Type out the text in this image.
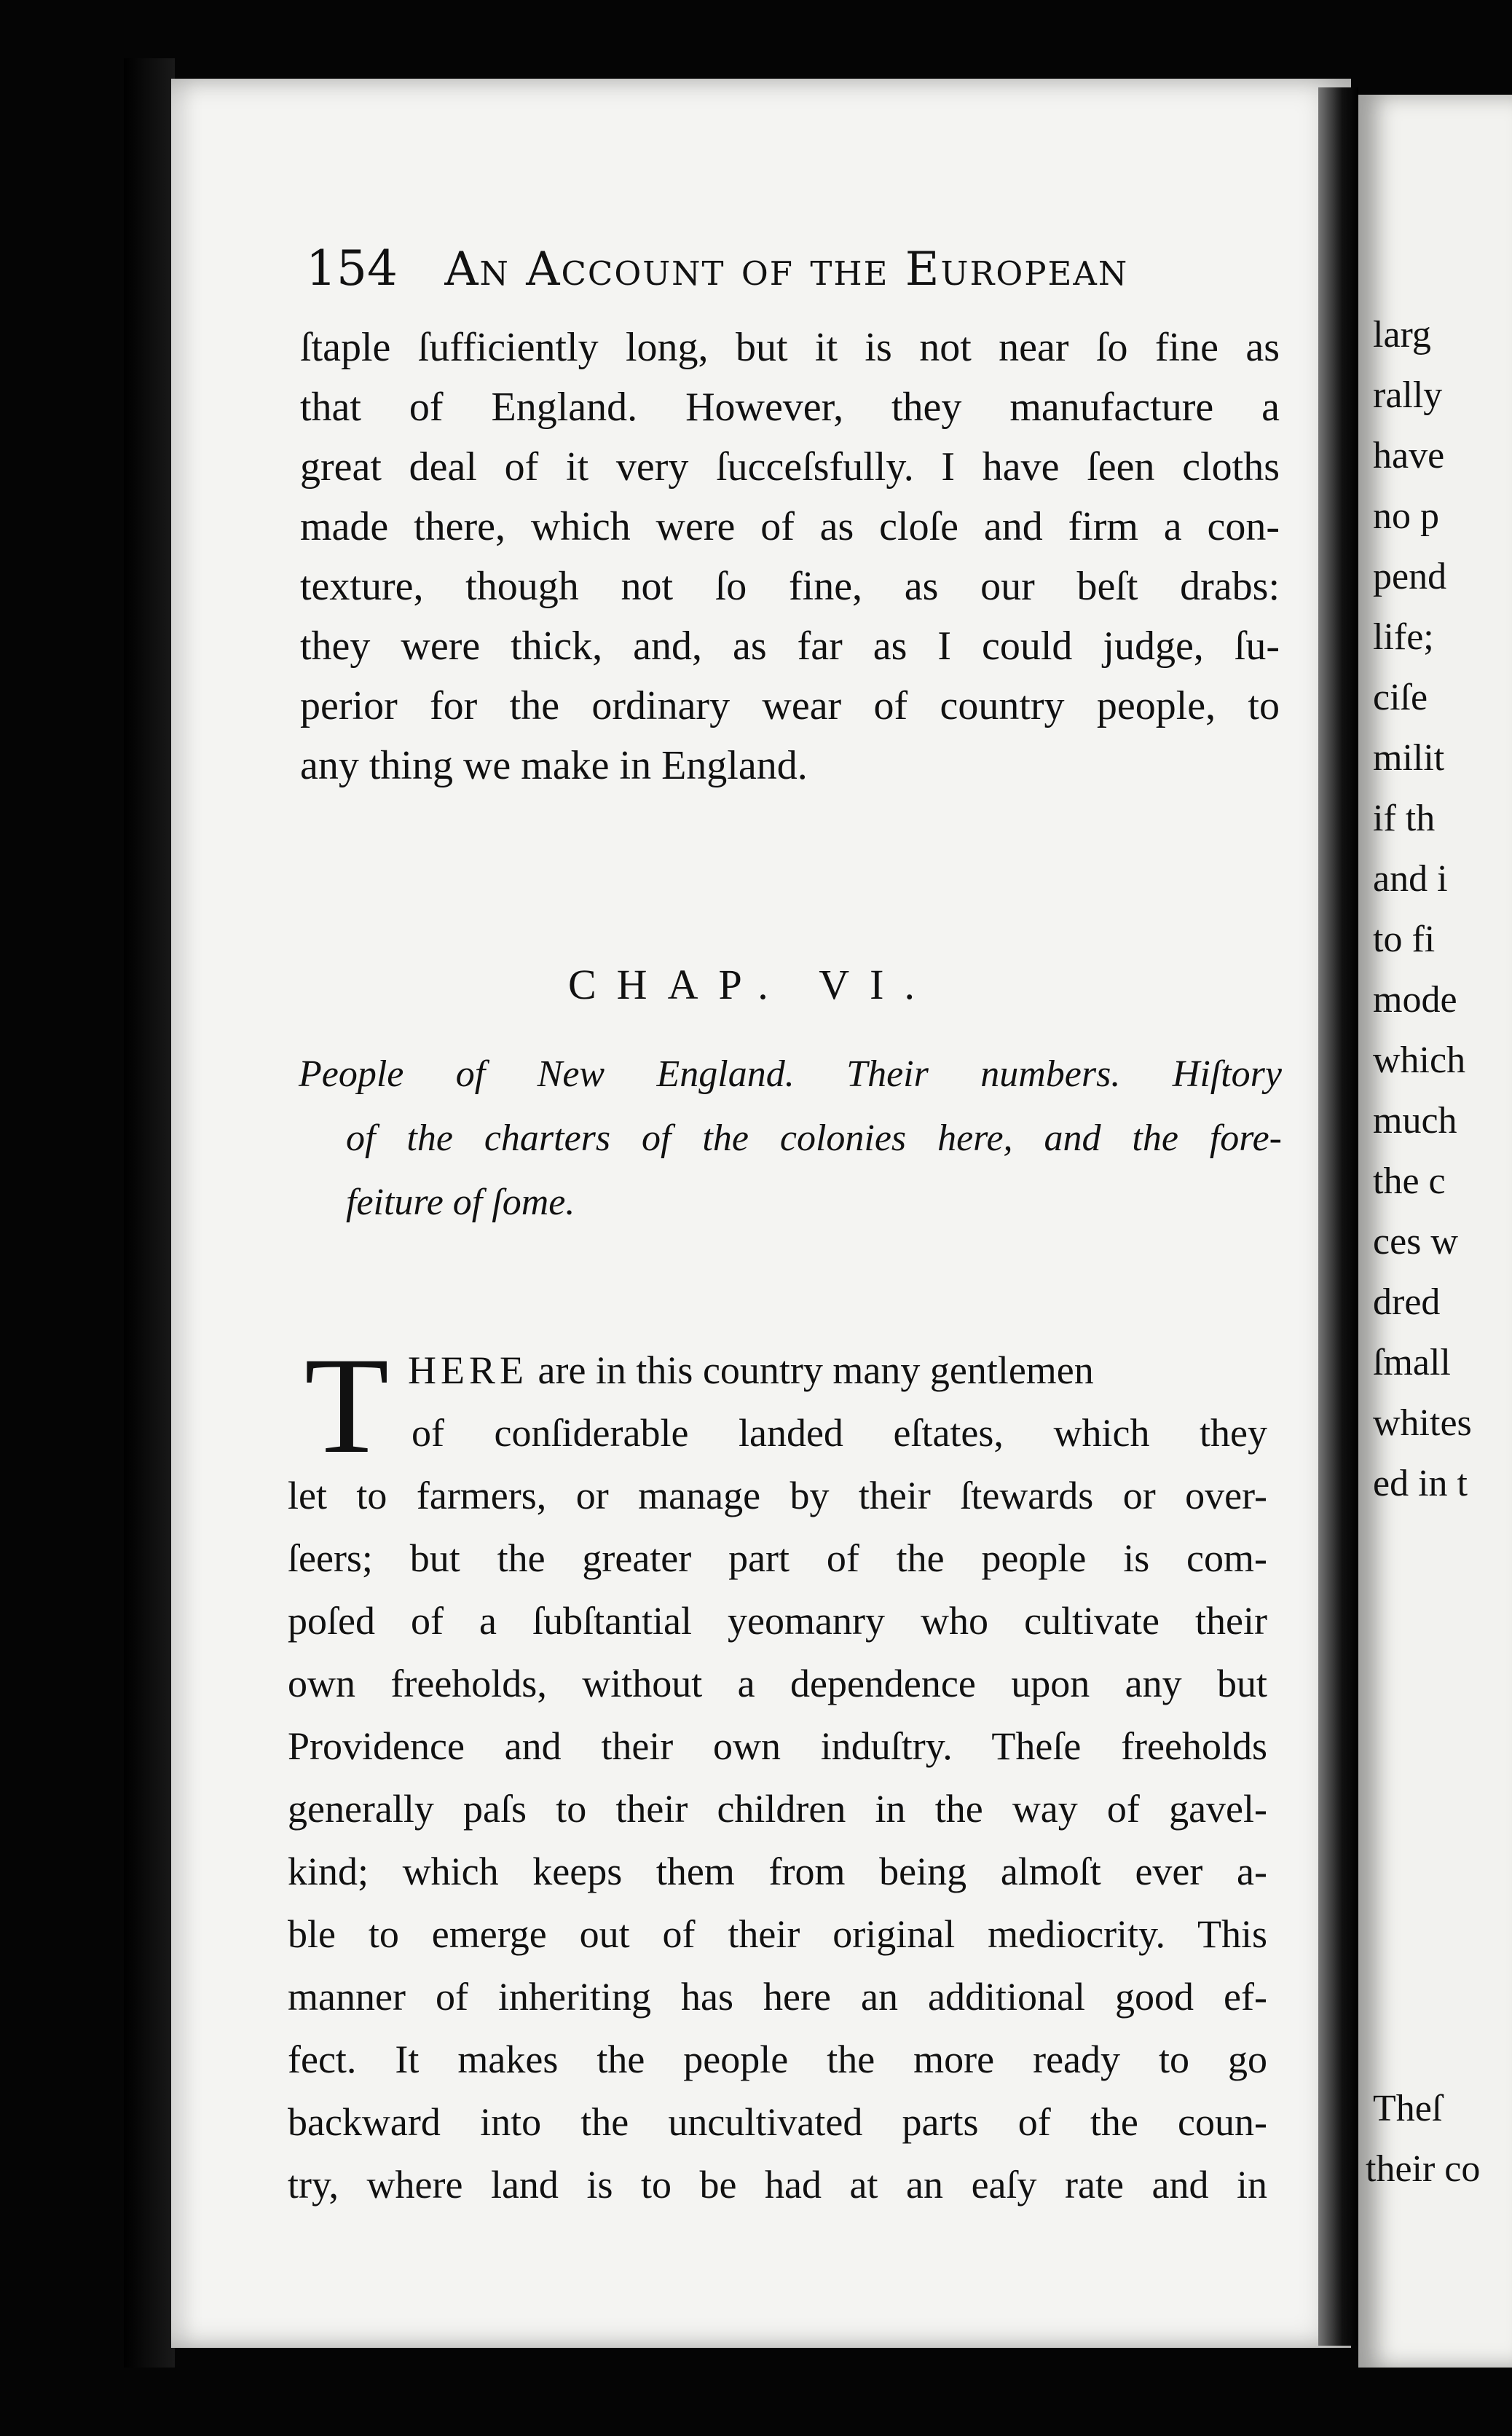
154 An Account of the European
ſtaple ſufficiently long, but it is not near ſo fine as
that of England. However, they manufacture a
great deal of it very ſucceſsfully. I have ſeen cloths
made there, which were of as cloſe and firm a con-
texture, though not ſo fine, as our beſt drabs:
they were thick, and, as far as I could judge, ſu-
perior for the ordinary wear of country people, to
any thing we make in England.
CHAP. VI.
People of New England. Their numbers. Hiſtory
of the charters of the colonies here, and the fore-
feiture of ſome.
T HERE are in this country many gentlemen
of conſiderable landed eſtates, which they
let to farmers, or manage by their ſtewards or over-
ſeers; but the greater part of the people is com-
poſed of a ſubſtantial yeomanry who cultivate their
own freeholds, without a dependence upon any but
Providence and their own induſtry. Theſe freeholds
generally paſs to their children in the way of gavel-
kind; which keeps them from being almoſt ever a-
ble to emerge out of their original mediocrity. This
manner of inheriting has here an additional good ef-
fect. It makes the people the more ready to go
backward into the uncultivated parts of the coun-
try, where land is to be had at an eaſy rate and in
larg
rally
have
no p
pend
life;
ciſe
milit
if th
and i
to fi
mode
which
much
the c
ces w
dred
ſmall
whites
ed in t
Theſ
their co
